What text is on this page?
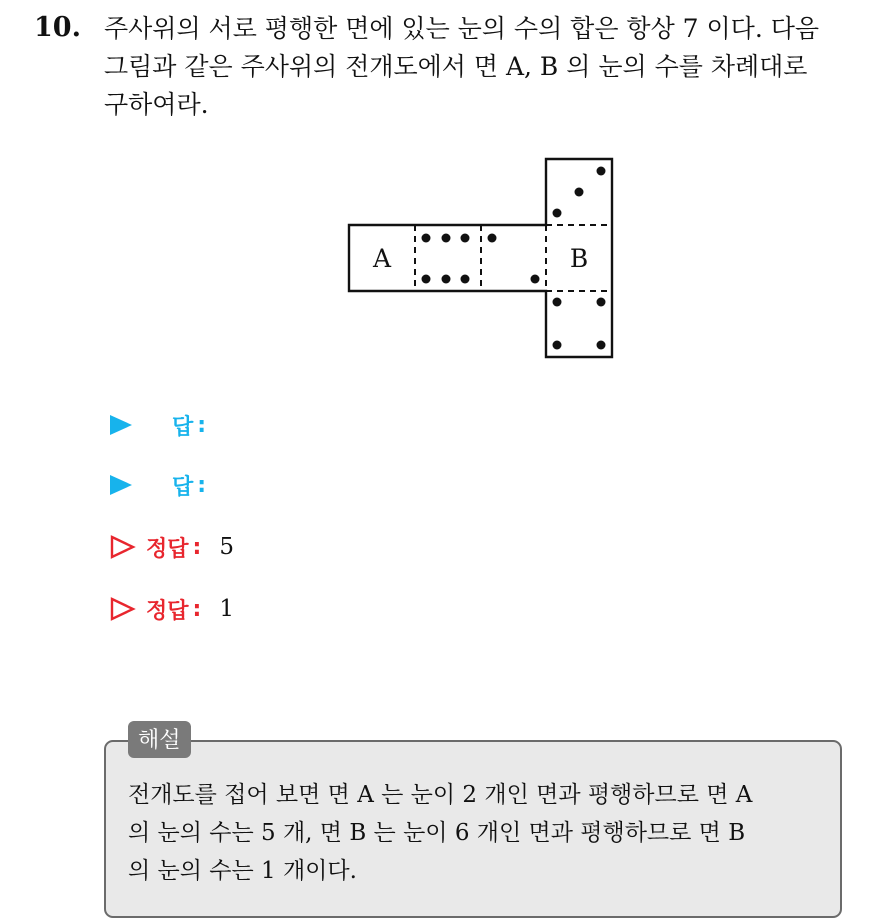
10. 주사위의 서로 평행한 면에 있는 눈의 수의 합은 항상 7 이다. 다음
그림과 같은 주사위의 전개도에서 면 A, B 의 눈의 수를 차례대로
구하여라.
A	B
답 :
답 :
정답 : 5
정답 : 1
해설
전개도를 접어 보면 면 A 는 눈이 2 개인 면과 평행하므로 면 A
의 눈의 수는 5 개, 면 B 는 눈이 6 개인 면과 평행하므로 면 B
의 눈의 수는 1 개이다.
